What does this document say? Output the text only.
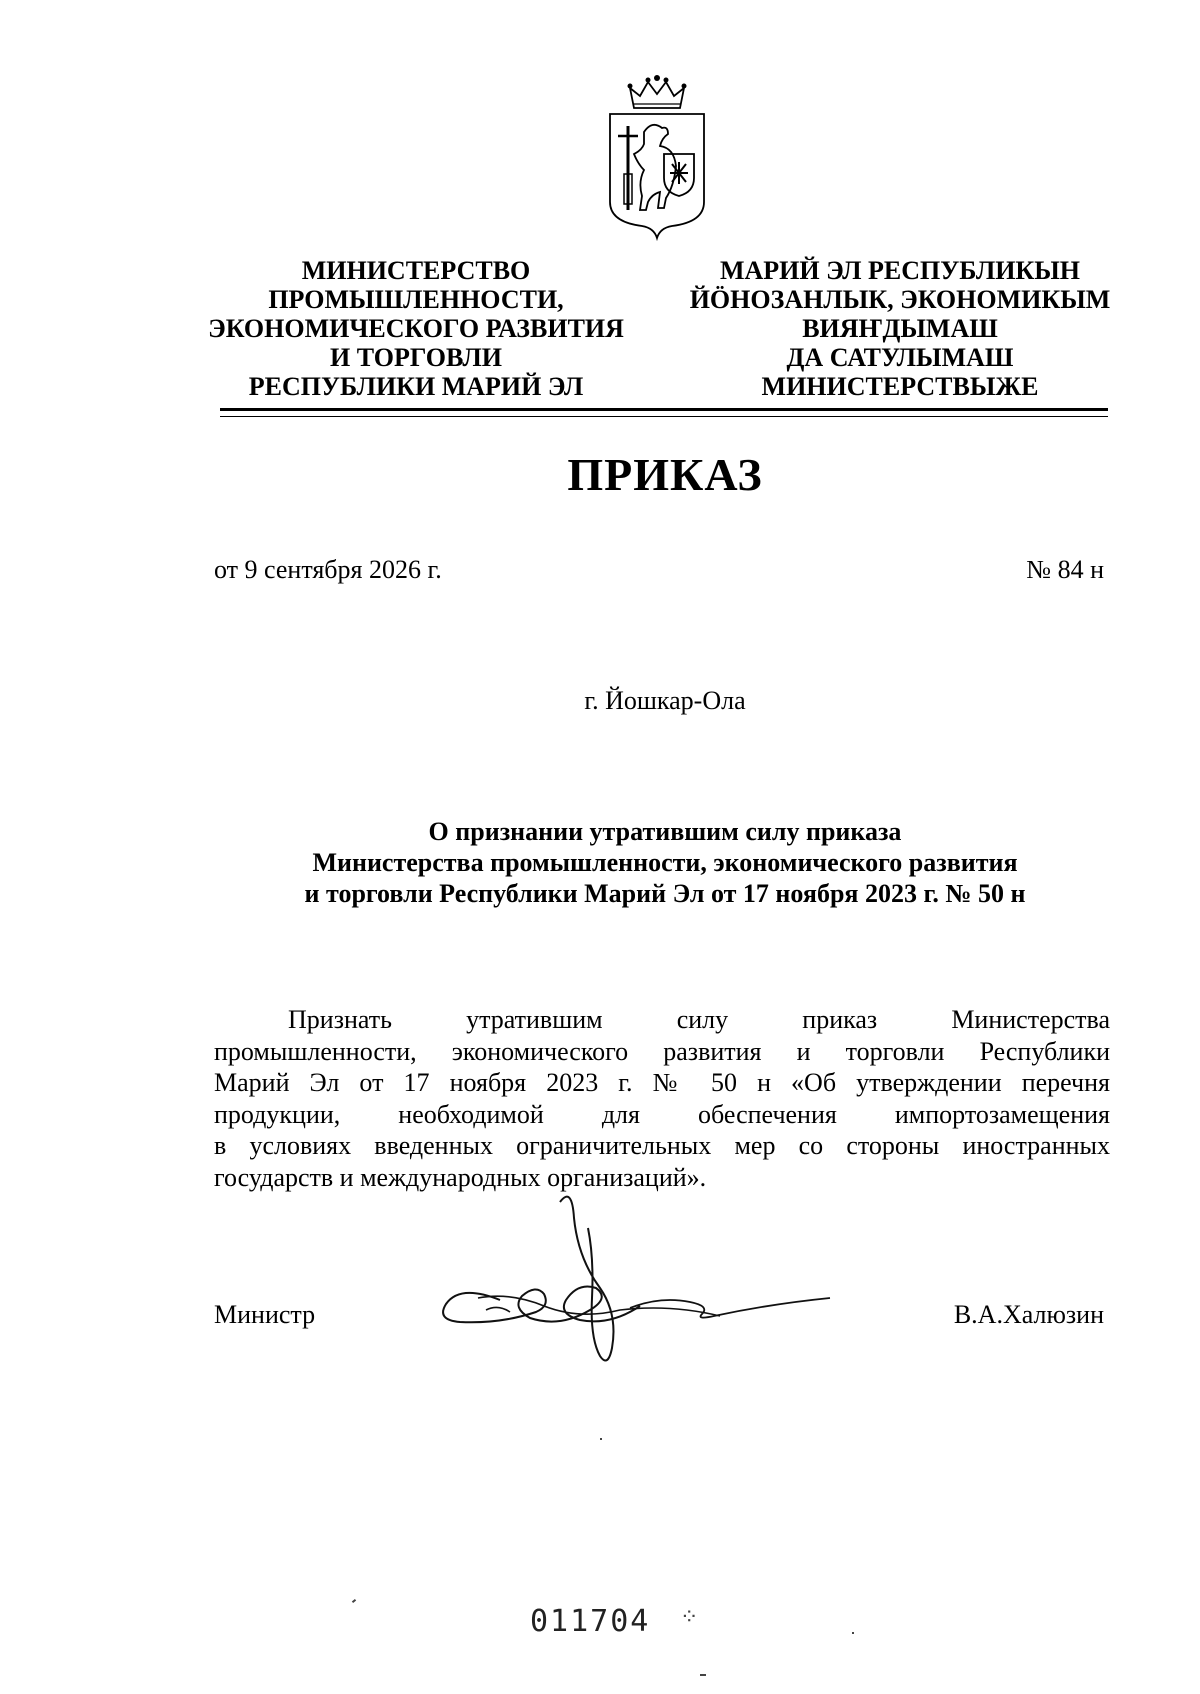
МИНИСТЕРСТВО
ПРОМЫШЛЕННОСТИ,
ЭКОНОМИЧЕСКОГО РАЗВИТИЯ
И ТОРГОВЛИ
РЕСПУБЛИКИ МАРИЙ ЭЛ
МАРИЙ ЭЛ РЕСПУБЛИКЫН
ЙӦНОЗАНЛЫК, ЭКОНОМИКЫМ
ВИЯҤДЫМАШ
ДА САТУЛЫМАШ
МИНИСТЕРСТВЫЖЕ
ПРИКАЗ
от 9 сентября 2026 г.	№ 84 н
г. Йошкар-Ола
О признании утратившим силу приказа
Министерства промышленности, экономического развития
и торговли Республики Марий Эл от 17 ноября 2023 г. № 50 н
Признать утратившим силу приказ Министерства
промышленности, экономического развития и торговли Республики
Марий Эл от 17 ноября 2023 г. № 50 н «Об утверждении перечня
продукции, необходимой для обеспечения импортозамещения
в условиях введенных ограничительных мер со стороны иностранных
государств и международных организаций».
Министр	В.А.Халюзин
011704 ⁘
